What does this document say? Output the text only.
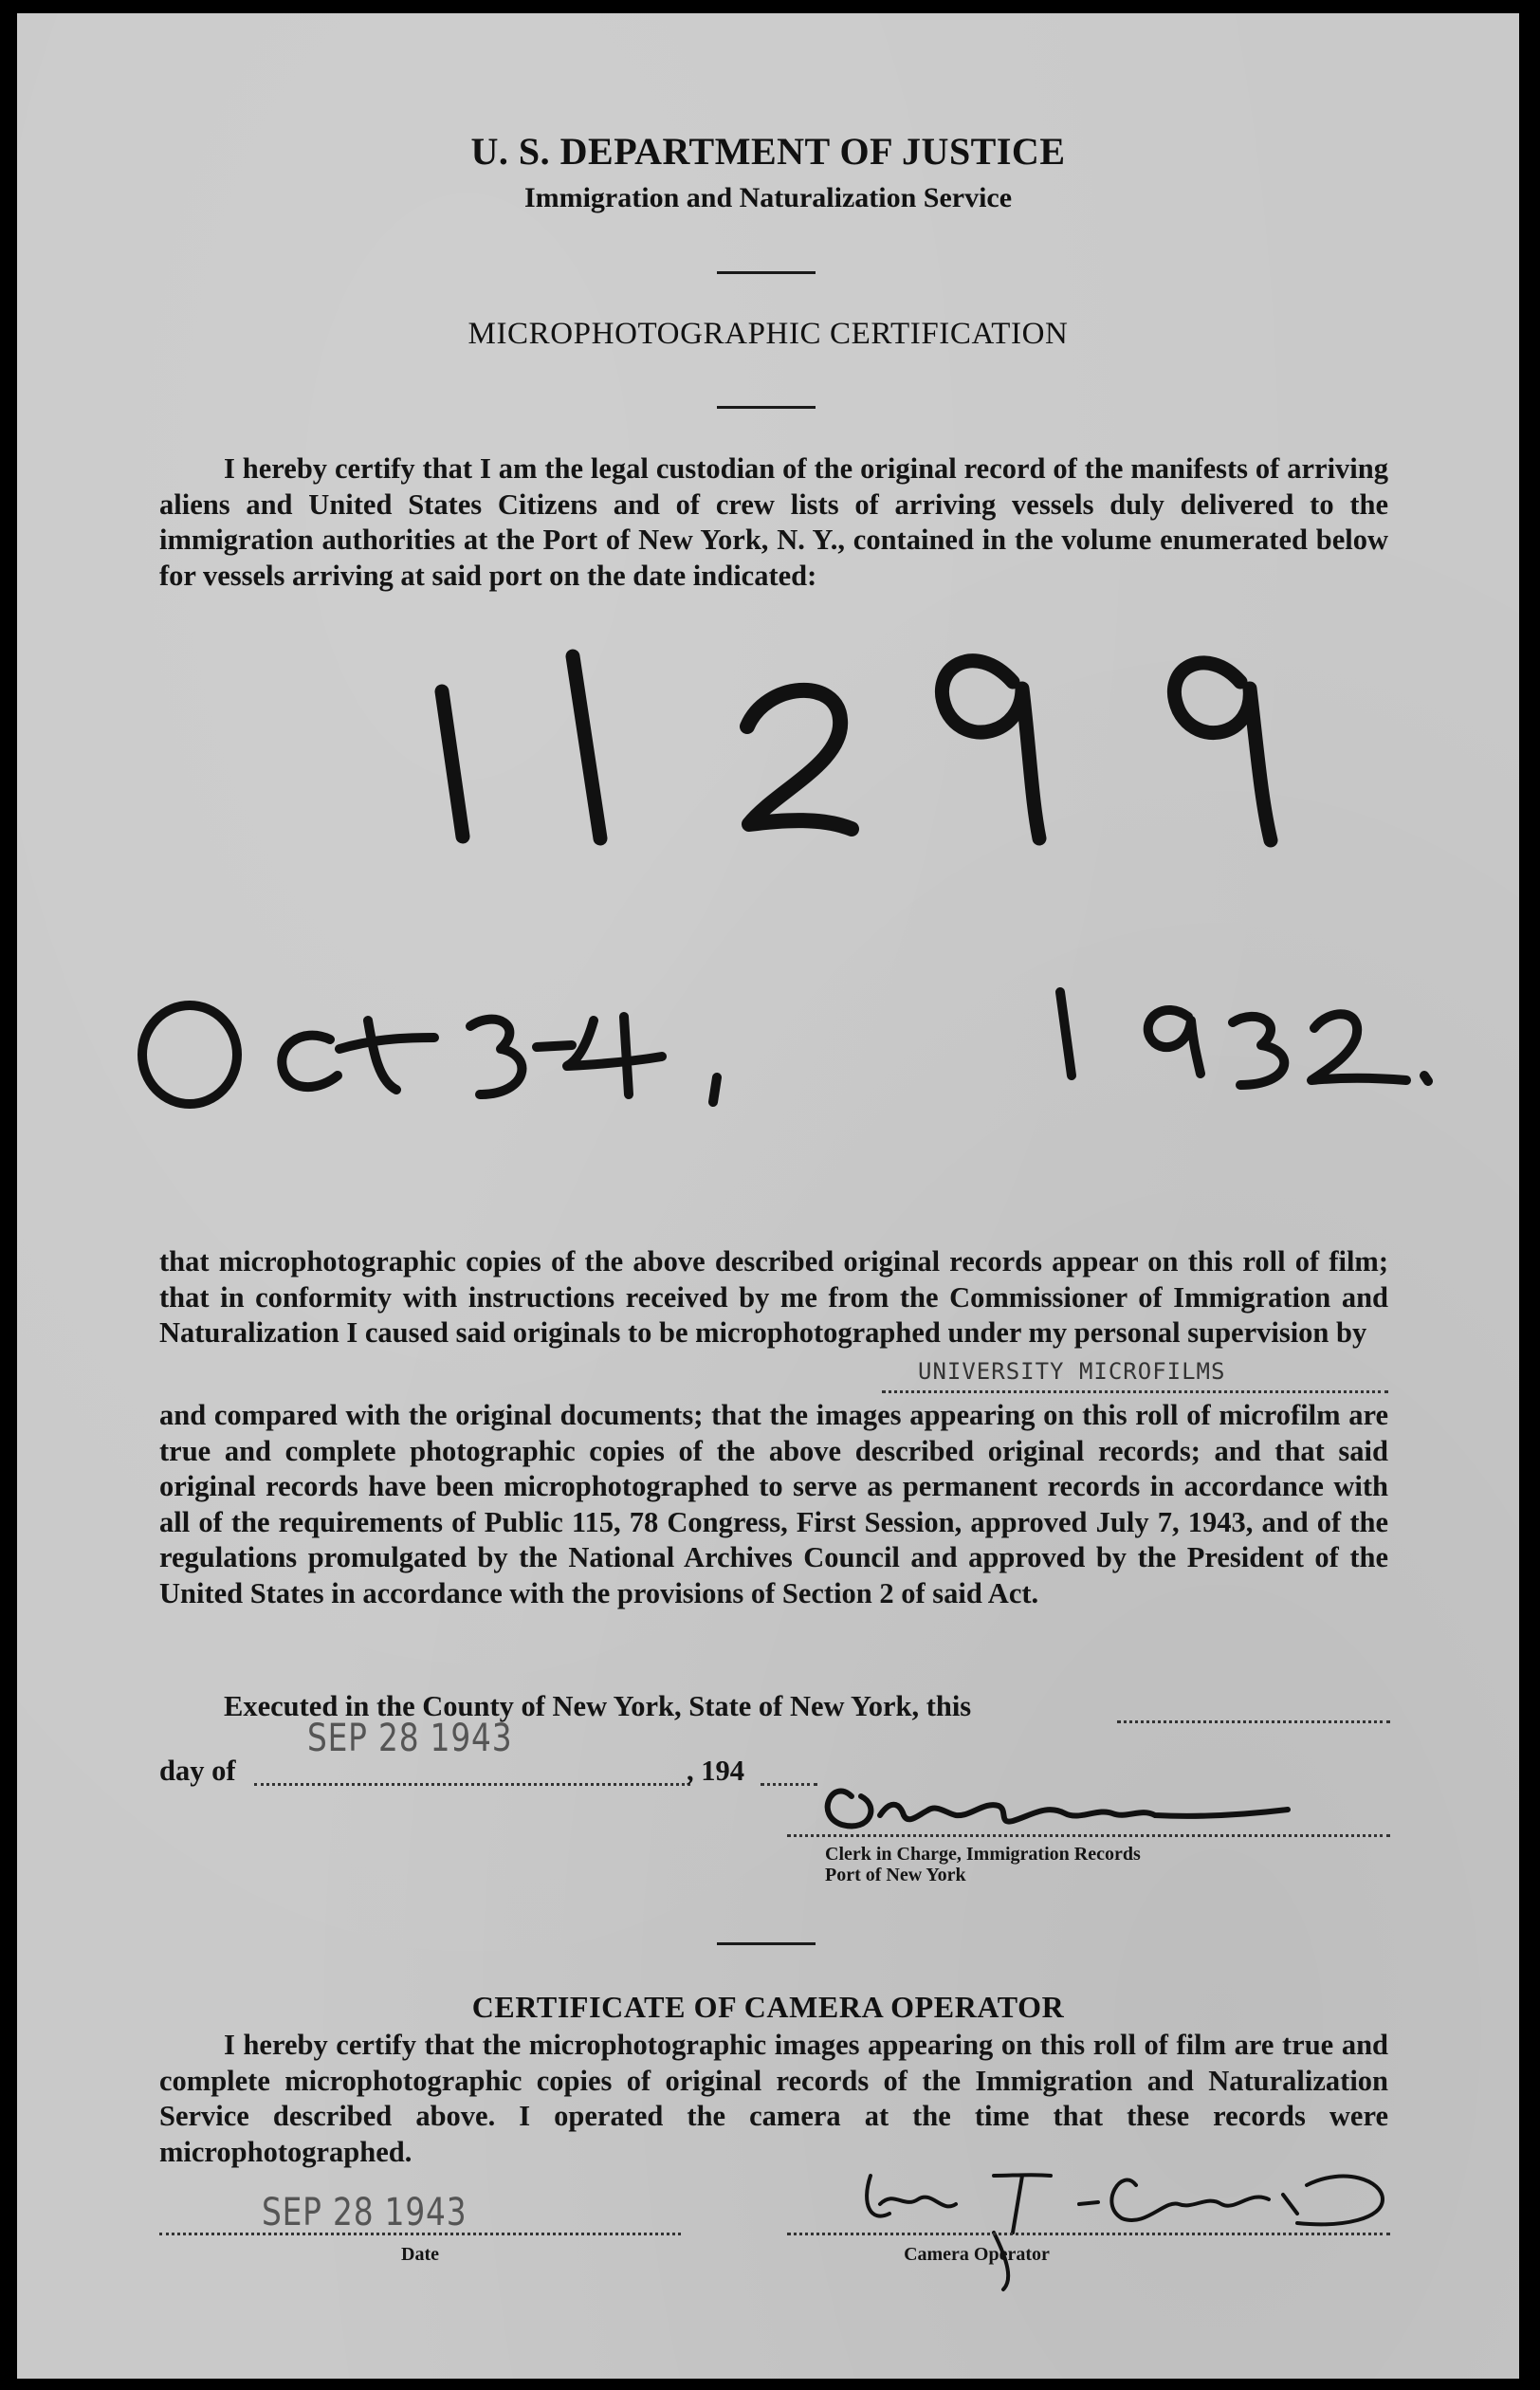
U. S. DEPARTMENT OF JUSTICE
Immigration and Naturalization Service
MICROPHOTOGRAPHIC CERTIFICATION
I hereby certify that I am the legal custodian of the original record of the manifests of arriving aliens and United States Citizens and of crew lists of arriving vessels duly delivered to the immigration authorities at the Port of New York, N. Y., contained in the volume enumerated below for vessels arriving at said port on the date indicated:
that microphotographic copies of the above described original records appear on this roll of film; that in conformity with instructions received by me from the Commissioner of Immigration and Naturalization I caused said originals to be microphotographed under my personal supervision by
UNIVERSITY MICROFILMS
and compared with the original documents; that the images appearing on this roll of microfilm are true and complete photographic copies of the above described original records; and that said original records have been microphotographed to serve as permanent records in accordance with all of the requirements of Public 115, 78 Congress, First Session, approved July 7, 1943, and of the regulations promulgated by the National Archives Council and approved by the President of the United States in accordance with the provisions of Section 2 of said Act.
Executed in the County of New York, State of New York, this
day of	, 194
SEP 28 1943
Clerk in Charge, Immigration Records
Port of New York
CERTIFICATE OF CAMERA OPERATOR
I hereby certify that the microphotographic images appearing on this roll of film are true and complete microphotographic copies of original records of the Immigration and Naturalization Service described above. I operated the camera at the time that these records were microphotographed.
SEP 28 1943
Date	Camera Operator
